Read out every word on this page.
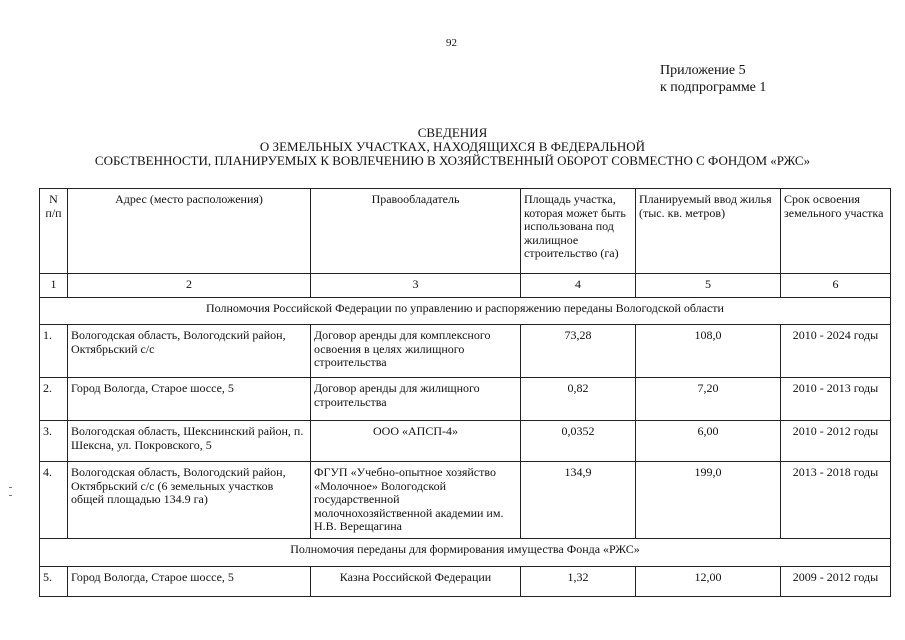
92
Приложение 5
к подпрограмме 1
СВЕДЕНИЯ
О ЗЕМЕЛЬНЫХ УЧАСТКАХ, НАХОДЯЩИХСЯ В ФЕДЕРАЛЬНОЙ
СОБСТВЕННОСТИ, ПЛАНИРУЕМЫХ К ВОВЛЕЧЕНИЮ В ХОЗЯЙСТВЕННЫЙ ОБОРОТ СОВМЕСТНО С ФОНДОМ «РЖС»
N п/п	Адрес (место расположения)	Правообладатель	Площадь участка, которая может быть использована под жилищное строительство (га)	Планируемый ввод жилья (тыс. кв. метров)	Срок освоения земельного участка
1	2	3	4	5	6
Полномочия Российской Федерации по управлению и распоряжению переданы Вологодской области					
1.	Вологодская область, Вологодский район, Октябрьский с/с	Договор аренды для комплексного освоения в целях жилищного строительства	73,28	108,0	2010 - 2024 годы
2.	Город Вологда, Старое шоссе, 5	Договор аренды для жилищного строительства	0,82	7,20	2010 - 2013 годы
3.	Вологодская область, Шекснинский район, п. Шексна, ул. Покровского, 5	ООО «АПСП-4»	0,0352	6,00	2010 - 2012 годы
4.	Вологодская область, Вологодский район, Октябрьский с/с (6 земельных участков общей площадью 134.9 га)	ФГУП «Учебно-опытное хозяйство «Молочное» Вологодской государственной молочнохозяйственной академии им. Н.В. Верещагина	134,9	199,0	2013 - 2018 годы
Полномочия переданы для формирования имущества Фонда «РЖС»					
5.	Город Вологда, Старое шоссе, 5	Казна Российской Федерации	1,32	12,00	2009 - 2012 годы
